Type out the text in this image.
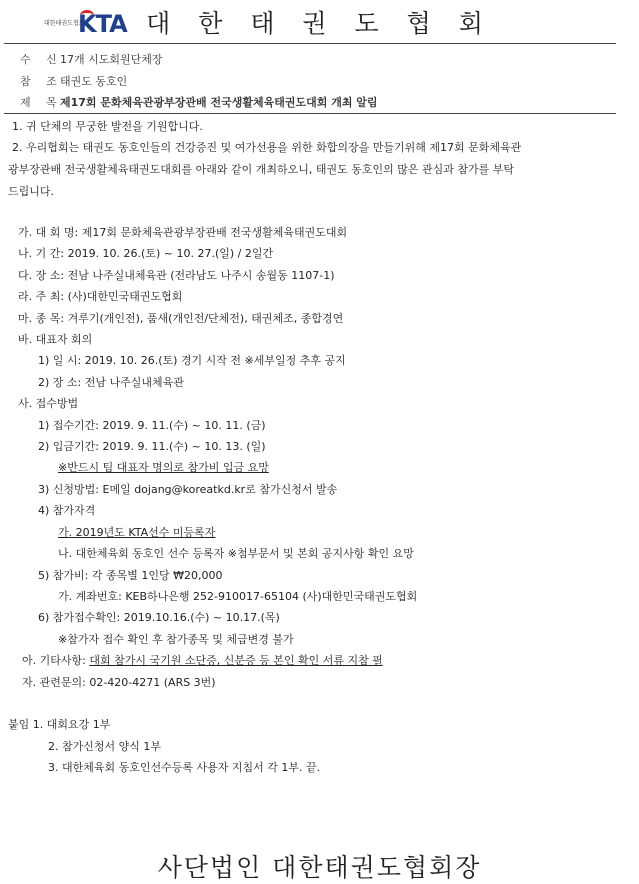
대한태권도협회
KTA 대 한 태 권 도 협 회
수 신17개 시도회원단체장
참 조태권도 동호인
제 목제17회 문화체육관광부장관배 전국생활체육태권도대회 개최 알림
1. 귀 단체의 무궁한 발전을 기원합니다.
2. 우리협회는 태권도 동호인들의 건강증진 및 여가선용을 위한 화합의장을 만들기위해 제17회 문화체육관
광부장관배 전국생활체육태권도대회를 아래와 같이 개최하오니, 태권도 동호인의 많은 관심과 참가를 부탁
드립니다.
가. 대 회 명: 제17회 문화체육관광부장관배 전국생활체육태권도대회
나. 기 간: 2019. 10. 26.(토) ~ 10. 27.(일) / 2일간
다. 장 소: 전남 나주실내체육관 (전라남도 나주시 송월동 1107-1)
라. 주 최: (사)대한민국태권도협회
마. 종 목: 겨루기(개인전), 품새(개인전/단체전), 태권체조, 종합경연
바. 대표자 회의
1) 일 시: 2019. 10. 26.(토) 경기 시작 전 ※세부일정 추후 공지
2) 장 소: 전남 나주실내체육관
사. 접수방법
1) 접수기간: 2019. 9. 11.(수) ~ 10. 11. (금)
2) 입금기간: 2019. 9. 11.(수) ~ 10. 13. (일)
※반드시 팀 대표자 명의로 참가비 입금 요망
3) 신청방법: E메일 dojang@koreatkd.kr로 참가신청서 발송
4) 참가자격
가. 2019년도 KTA선수 미등록자
나. 대한체육회 동호인 선수 등록자 ※첨부문서 및 본회 공지사항 확인 요망
5) 참가비: 각 종목별 1인당 ₩20,000
가. 계좌번호: KEB하나은행 252-910017-65104 (사)대한민국태권도협회
6) 참가접수확인: 2019.10.16.(수) ~ 10.17.(목)
※참가자 접수 확인 후 참가종목 및 체급변경 불가
아. 기타사항: 대회 참가시 국기원 소단증, 신분증 등 본인 확인 서류 지참 필
자. 관련문의: 02-420-4271 (ARS 3번)
붙임 1. 대회요강 1부
2. 참가신청서 양식 1부
3. 대한체육회 동호인선수등록 사용자 지침서 각 1부. 끝.
사단법인 대한태권도협회장
